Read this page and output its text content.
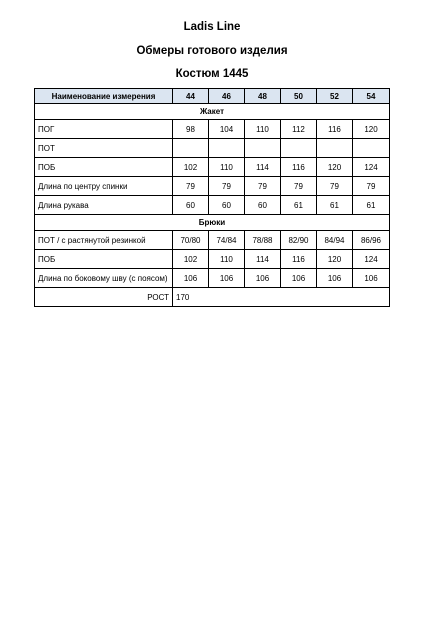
Ladis Line
Обмеры готового изделия
Костюм 1445
Наименование измерения	44	46	48	50	52	54
Жакет						
ПОГ	98	104	110	112	116	120
ПОТ						
ПОБ	102	110	114	116	120	124
Длина по центру спинки	79	79	79	79	79	79
Длина рукава	60	60	60	61	61	61
Брюки						
ПОТ / с растянутой резинкой	70/80	74/84	78/88	82/90	84/94	86/96
ПОБ	102	110	114	116	120	124
Длина по боковому шву (с поясом)	106	106	106	106	106	106
РОСТ	170					
